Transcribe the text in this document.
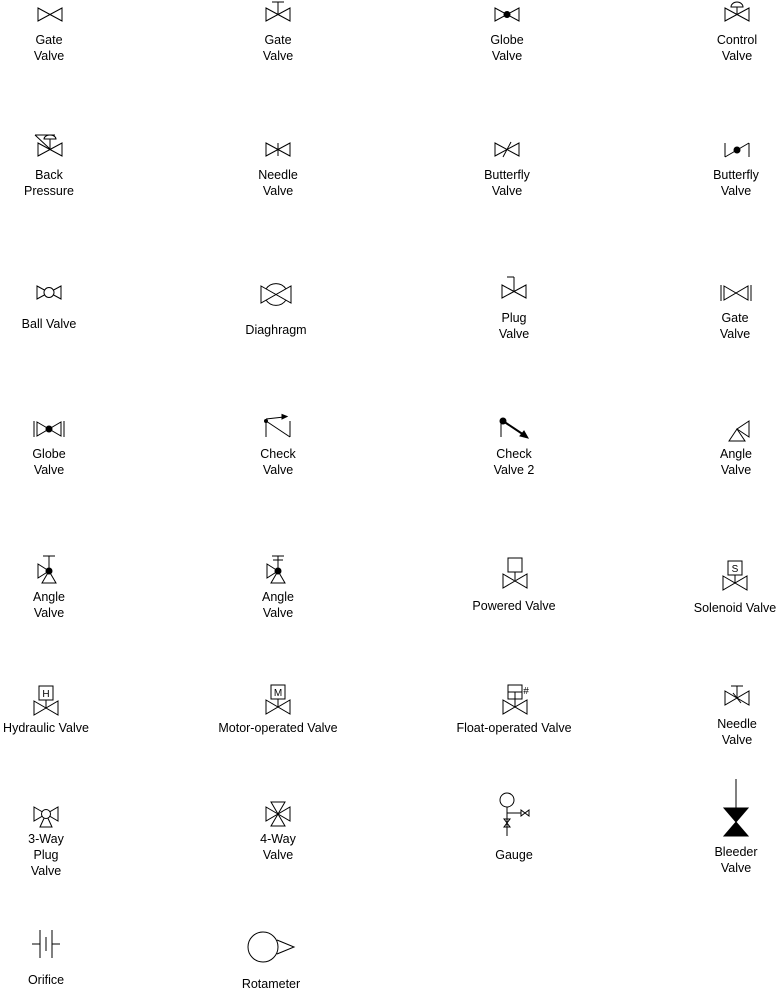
S
H	M	#
Gate
Valve
Gate
Valve
Globe
Valve
Control
Valve
Back
Pressure
Needle
Valve
Butterfly
Valve
Butterfly
Valve
Ball Valve	Diaghragm
Plug
Valve
Gate
Valve
Globe
Valve
Check
Valve
Check
Valve 2
Angle
Valve
Angle
Valve
Angle
Valve	Powered Valve	Solenoid Valve
Hydraulic Valve	Motor-operated Valve	Float-operated Valve	Needle
Valve
3-Way
Plug
Valve
4-Way
Valve	Gauge	Bleeder
Valve
Orifice	Rotameter
